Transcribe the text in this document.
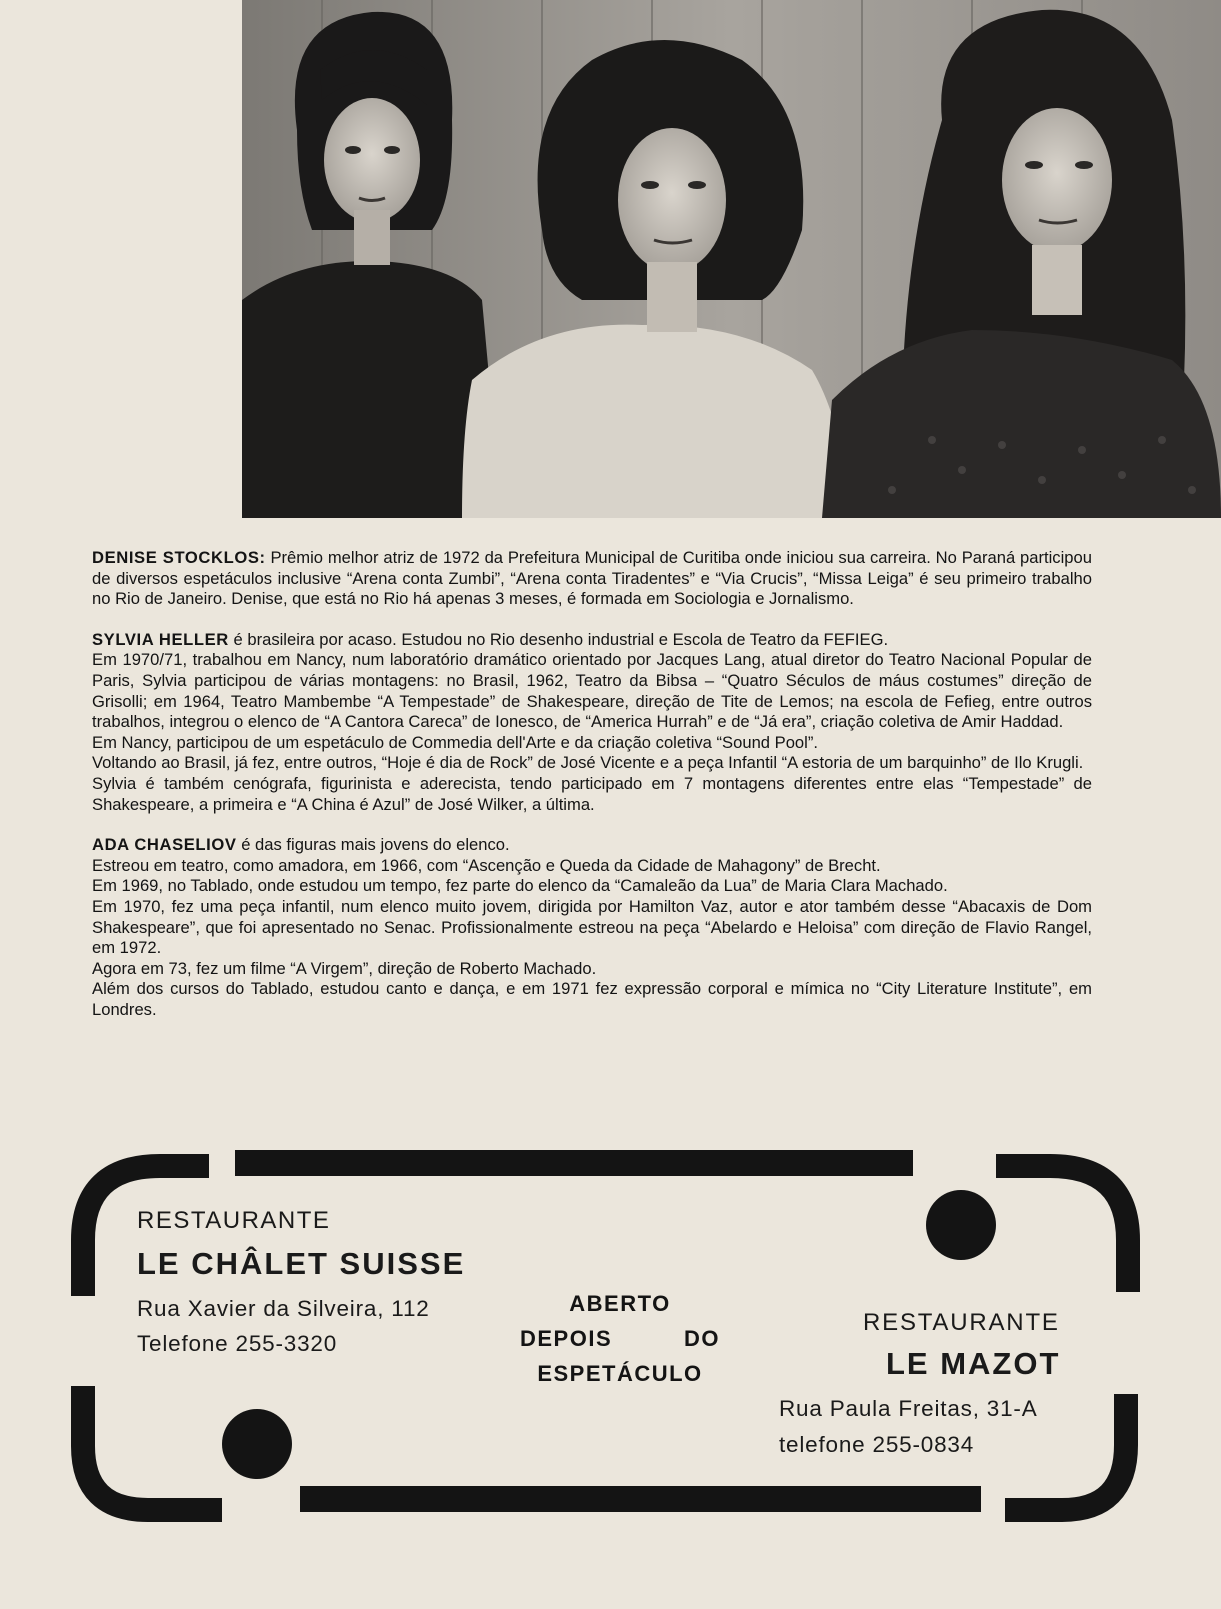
DENISE STOCKLOS: Prêmio melhor atriz de 1972 da Prefeitura Municipal de Curitiba onde iniciou sua carreira. No Paraná participou de diversos espetáculos inclusive “Arena conta Zumbi”, “Arena conta Tiradentes” e “Via Crucis”, “Missa Leiga” é seu primeiro trabalho no Rio de Janeiro. Denise, que está no Rio há apenas 3 meses, é formada em Sociologia e Jornalismo.

SYLVIA HELLER é brasileira por acaso. Estudou no Rio desenho industrial e Escola de Teatro da FEFIEG.

Em 1970/71, trabalhou em Nancy, num laboratório dramático orientado por Jacques Lang, atual diretor do Teatro Nacional Popular de Paris, Sylvia participou de várias montagens: no Brasil, 1962, Teatro da Bibsa – “Quatro Séculos de máus costumes” direção de Grisolli; em 1964, Teatro Mambembe “A Tempestade” de Shakespeare, direção de Tite de Lemos; na escola de Fefieg, entre outros trabalhos, integrou o elenco de “A Cantora Careca” de Ionesco, de “America Hurrah” e de “Já era”, criação coletiva de Amir Haddad.

Em Nancy, participou de um espetáculo de Commedia dell'Arte e da criação coletiva “Sound Pool”.

Voltando ao Brasil, já fez, entre outros, “Hoje é dia de Rock” de José Vicente e a peça Infantil “A estoria de um barquinho” de Ilo Krugli.

Sylvia é também cenógrafa, figurinista e aderecista, tendo participado em 7 montagens diferentes entre elas “Tempestade” de Shakespeare, a primeira e “A China é Azul” de José Wilker, a última.

ADA CHASELIOV é das figuras mais jovens do elenco.

Estreou em teatro, como amadora, em 1966, com “Ascenção e Queda da Cidade de Mahagony” de Brecht.

Em 1969, no Tablado, onde estudou um tempo, fez parte do elenco da “Camaleão da Lua” de Maria Clara Machado.

Em 1970, fez uma peça infantil, num elenco muito jovem, dirigida por Hamilton Vaz, autor e ator também desse “Abacaxis de Dom Shakespeare”, que foi apresentado no Senac. Profissionalmente estreou na peça “Abelardo e Heloisa” com direção de Flavio Rangel, em 1972.

Agora em 73, fez um filme “A Virgem”, direção de Roberto Machado.

Além dos cursos do Tablado, estudou canto e dança, e em 1971 fez expressão corporal e mímica no “City Literature Institute”, em Londres.

RESTAURANTE
LE CHÂLET SUISSE
Rua Xavier da Silveira, 112
Telefone 255-3320
ABERTO
DEPOIS DO
ESPETÁCULO
RESTAURANTE
LE MAZOT
Rua Paula Freitas, 31-A
telefone 255-0834
